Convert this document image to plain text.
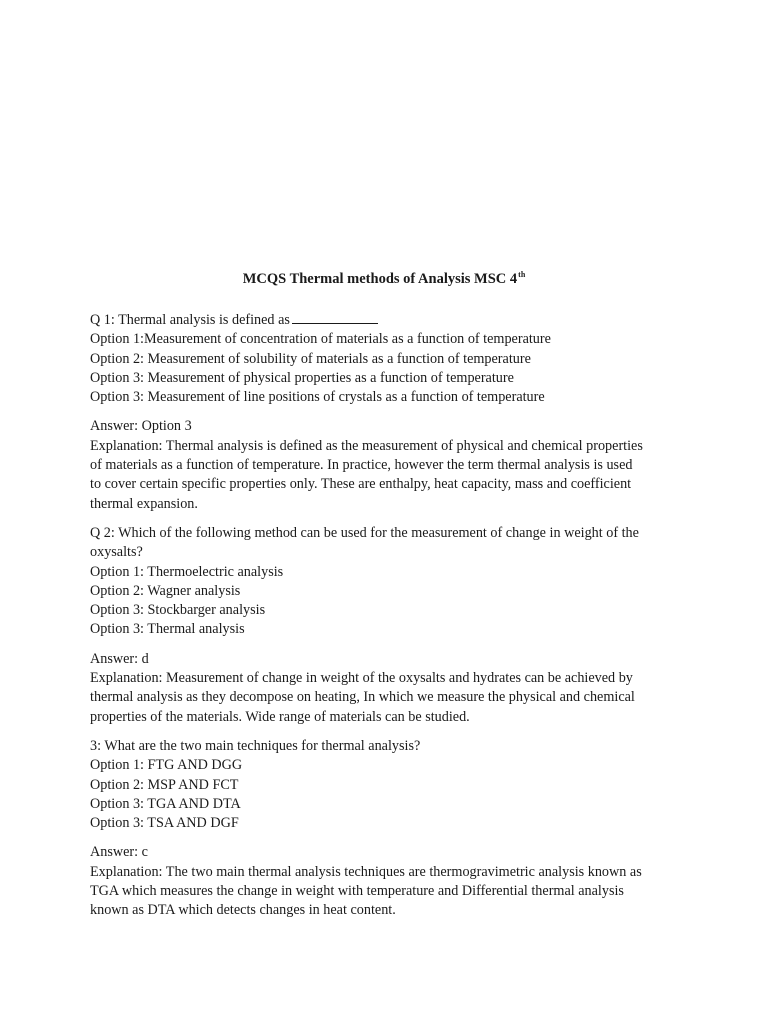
MCQS Thermal methods of Analysis MSC 4th
Q 1: Thermal analysis is defined as
Option 1:Measurement of concentration of materials as a function of temperature
Option 2: Measurement of solubility of materials as a function of temperature
Option 3: Measurement of physical properties as a function of temperature
Option 3: Measurement of line positions of crystals as a function of temperature
Answer: Option 3
Explanation: Thermal analysis is defined as the measurement of physical and chemical properties
of materials as a function of temperature. In practice, however the term thermal analysis is used
to cover certain specific properties only. These are enthalpy, heat capacity, mass and coefficient
thermal expansion.
Q 2: Which of the following method can be used for the measurement of change in weight of the
oxysalts?
Option 1: Thermoelectric analysis
Option 2: Wagner analysis
Option 3: Stockbarger analysis
Option 3: Thermal analysis
Answer: d
Explanation: Measurement of change in weight of the oxysalts and hydrates can be achieved by
thermal analysis as they decompose on heating, In which we measure the physical and chemical
properties of the materials. Wide range of materials can be studied.
3: What are the two main techniques for thermal analysis?
Option 1: FTG AND DGG
Option 2: MSP AND FCT
Option 3: TGA AND DTA
Option 3: TSA AND DGF
Answer: c
Explanation: The two main thermal analysis techniques are thermogravimetric analysis known as
TGA which measures the change in weight with temperature and Differential thermal analysis
known as DTA which detects changes in heat content.
